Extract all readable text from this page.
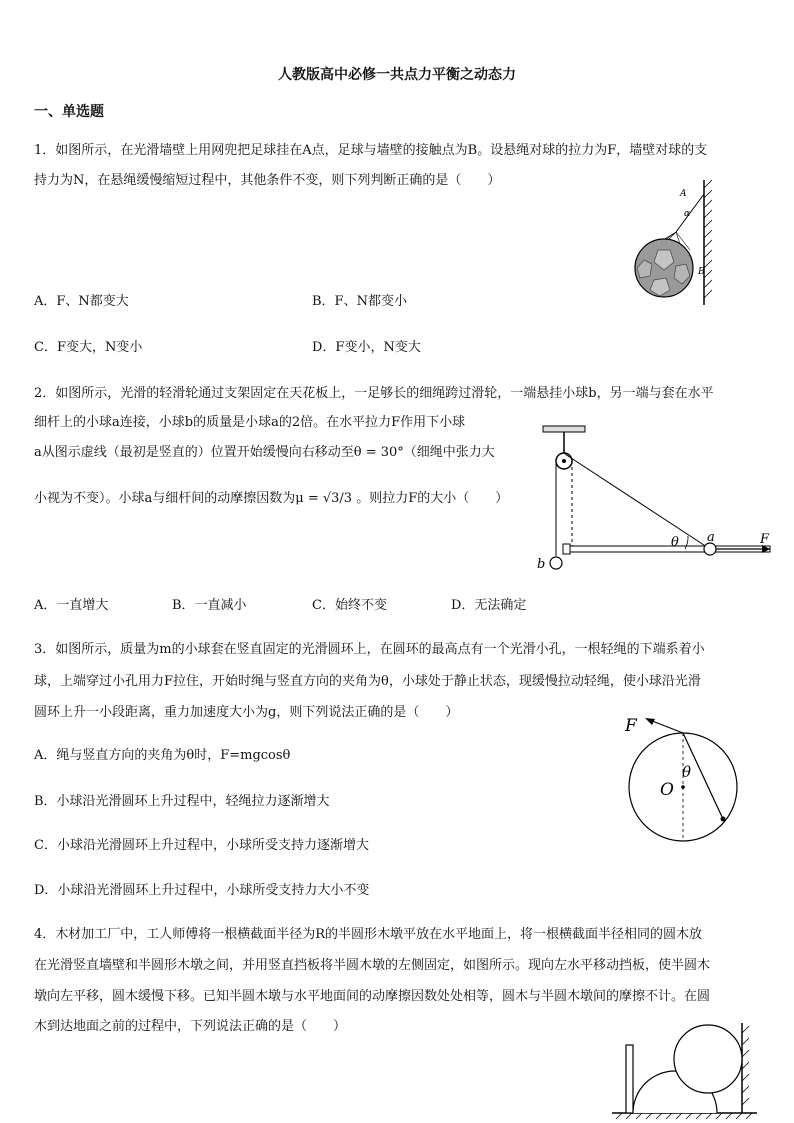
人教版高中必修一共点力平衡之动态力
一、单选题
1．如图所示，在光滑墙壁上用网兜把足球挂在A点，足球与墙壁的接触点为B。设悬绳对球的拉力为F，墙壁对球的支
持力为N，在悬绳缓慢缩短过程中，其他条件不变，则下列判断正确的是（　　）
A
α
B
A．F、N都变大	B．F、N都变小
C．F变大，N变小	D．F变小，N变大
2．如图所示，光滑的轻滑轮通过支架固定在天花板上，一足够长的细绳跨过滑轮，一端悬挂小球b，另一端与套在水平
细杆上的小球a连接，小球b的质量是小球a的2倍。在水平拉力F作用下小球
a从图示虚线（最初是竖直的）位置开始缓慢向右移动至θ = 30°（细绳中张力大
小视为不变）。小球a与细杆间的动摩擦因数为μ = √3/3 。则拉力F的大小（　　）
θ a
b
F
A．一直增大	B．一直减小	C．始终不变	D．无法确定
3．如图所示，质量为m的小球套在竖直固定的光滑圆环上，在圆环的最高点有一个光滑小孔，一根轻绳的下端系着小
球，上端穿过小孔用力F拉住，开始时绳与竖直方向的夹角为θ，小球处于静止状态，现缓慢拉动轻绳，使小球沿光滑
圆环上升一小段距离，重力加速度大小为g，则下列说法正确的是（　　）
F
θ
O
A．绳与竖直方向的夹角为θ时，F=mgcosθ
B．小球沿光滑圆环上升过程中，轻绳拉力逐渐增大
C．小球沿光滑圆环上升过程中，小球所受支持力逐渐增大
D．小球沿光滑圆环上升过程中，小球所受支持力大小不变
4．木材加工厂中，工人师傅将一根横截面半径为R的半圆形木墩平放在水平地面上，将一根横截面半径相同的圆木放
在光滑竖直墙壁和半圆形木墩之间，并用竖直挡板将半圆木墩的左侧固定，如图所示。现向左水平移动挡板，使半圆木
墩向左平移，圆木缓慢下移。已知半圆木墩与水平地面间的动摩擦因数处处相等，圆木与半圆木墩间的摩擦不计。在圆
木到达地面之前的过程中，下列说法正确的是（　　）
